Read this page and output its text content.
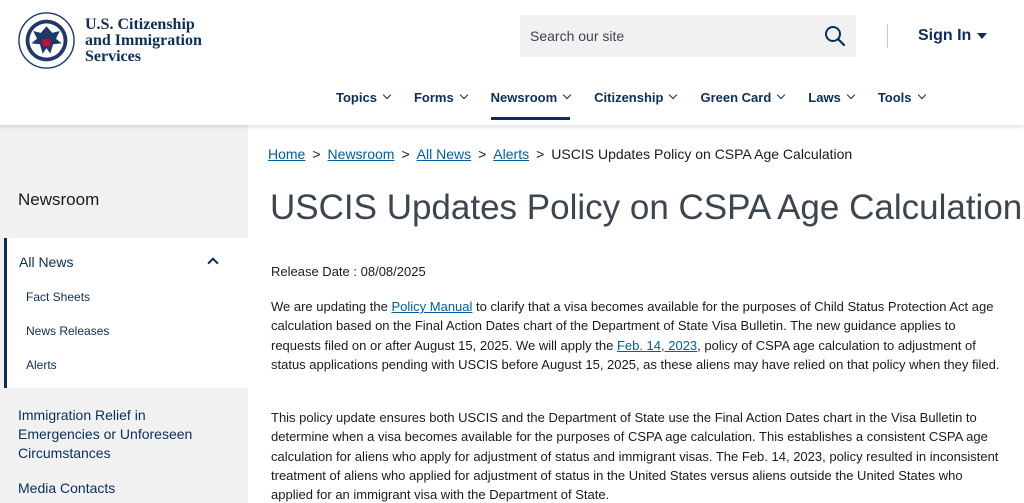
U.S. Citizenship
and Immigration
Services
Search our site
Sign In
Topics	Forms	Newsroom	Citizenship	Green Card	Laws	Tools
Newsroom
All News
Fact Sheets
News Releases
Alerts
Immigration Relief in Emergencies or Unforeseen Circumstances
Media Contacts
Home > Newsroom > All News > Alerts > USCIS Updates Policy on CSPA Age Calculation
USCIS Updates Policy on CSPA Age Calculation
Release Date : 08/08/2025

We are updating the Policy Manual to clarify that a visa becomes available for the purposes of Child Status Protection Act age calculation based on the Final Action Dates chart of the Department of State Visa Bulletin. The new guidance applies to requests filed on or after August 15, 2025. We will apply the Feb. 14, 2023, policy of CSPA age calculation to adjustment of status applications pending with USCIS before August 15, 2025, as these aliens may have relied on that policy when they filed.

This policy update ensures both USCIS and the Department of State use the Final Action Dates chart in the Visa Bulletin to determine when a visa becomes available for the purposes of CSPA age calculation. This establishes a consistent CSPA age calculation for aliens who apply for adjustment of status and immigrant visas. The Feb. 14, 2023, policy resulted in inconsistent treatment of aliens who applied for adjustment of status in the United States versus aliens outside the United States who applied for an immigrant visa with the Department of State.
